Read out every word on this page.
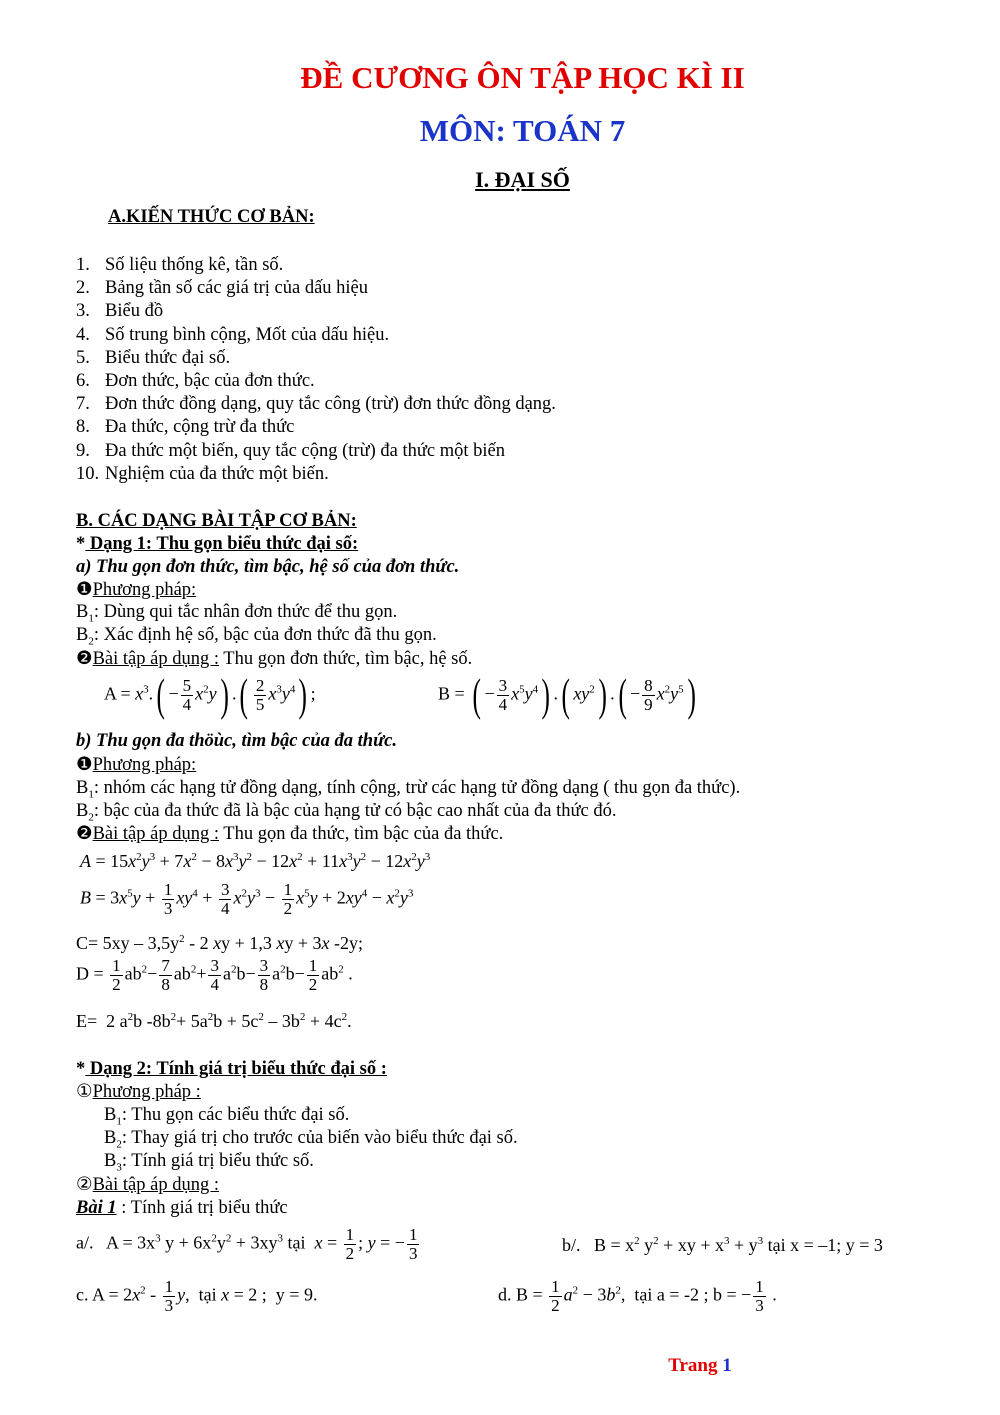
ĐỀ CƯƠNG ÔN TẬP HỌC KÌ II
MÔN: TOÁN 7
I. ĐẠI SỐ
A.KIẾN THỨC CƠ BẢN:
1. Số liệu thống kê, tần số.
2. Bảng tần số các giá trị của dấu hiệu
3. Biểu đồ
4. Số trung bình cộng, Mốt của dấu hiệu.
5. Biểu thức đại số.
6. Đơn thức, bậc của đơn thức.
7. Đơn thức đồng dạng, quy tắc công (trừ) đơn thức đồng dạng.
8. Đa thức, cộng trừ đa thức
9. Đa thức một biến, quy tắc cộng (trừ) đa thức một biến
10. Nghiệm của đa thức một biến.
B. CÁC DẠNG BÀI TẬP CƠ BẢN:
* Dạng 1: Thu gọn biểu thức đại số:
a) Thu gọn đơn thức, tìm bậc, hệ số của đơn thức.
❶Phương pháp:
$B_1$: Dùng qui tắc nhân đơn thức để thu gọn.
$B_2$: Xác định hệ số, bậc của đơn thức đã thu gọn.
❷Bài tập áp dụng : Thu gọn đơn thức, tìm bậc, hệ số.
$A = x^3.( - \frac{5}{4} x^2y)$ .( $\frac{2}{5} x^3y^4$) ;	B = ( − $\frac{3}{4} x^5y^4$) .( $xy^2$) .( − $\frac{8}{9} x^2y^5$)
b) Thu gọn đa thöùc, tìm bậc của đa thức.
❶Phương pháp:
$B_1$: nhóm các hạng tử đồng dạng, tính cộng, trừ các hạng tử đồng dạng ( thu gọn đa thức).
$B_2$: bậc của đa thức đã là bậc của hạng tử có bậc cao nhất của đa thức đó.
❷Bài tập áp dụng : Thu gọn đa thức, tìm bậc của đa thức.
$A = 15x^2y^3 + 7x^2 - 8x^3y^2 - 12x^2 + 11x^3y^2 - 12x^2y^3$
$B = 3x^5y + \frac{1}{3} xy^4 + \frac{3}{4} x^2y^3 - \frac{1}{2} x^5y + 2xy^4 - x^2y^3$
$C= 5xy - 3,5y^2 - 2$ xy + 1,3 xy + 3x -2y;
$D = \frac{1}{2} ab^2- \frac{7}{8} ab^2+ \frac{3}{4} a^2b- \frac{3}{8} a^2b- \frac{1}{2} ab^2$ .
E=  2 $a^2b$ $-8b^2+ 5a^2b + 5c^2 - 3b^2 + 4c^2$.
* Dạng 2: Tính giá trị biểu thức đại số :
①Phương pháp :
$B_1$: Thu gọn các biểu thức đại số.
$B_2$: Thay giá trị cho trước của biến vào biểu thức đại số.
$B_3$: Tính giá trị biểu thức số.
②Bài tập áp dụng :
Bài 1 : Tính giá trị biểu thức
a/.   $A = 3x^3$ $y + 6x^2y^2 + 3xy^3$ tại  $x = \frac{1}{2}$ ; y = − $\frac{1}{3}$	b/.   $B = x^2$ $y^2$ + xy + $x^3 + y^3$ tại x = –1; y = 3
c. $A = 2x^2 - \frac{1}{3} y$,  tại x = 2 ;  y = 9.	d. $B = \frac{1}{2} a^2 - 3b^2$,  tại a = -2 ; b = − $\frac{1}{3}$ .
Trang 1
